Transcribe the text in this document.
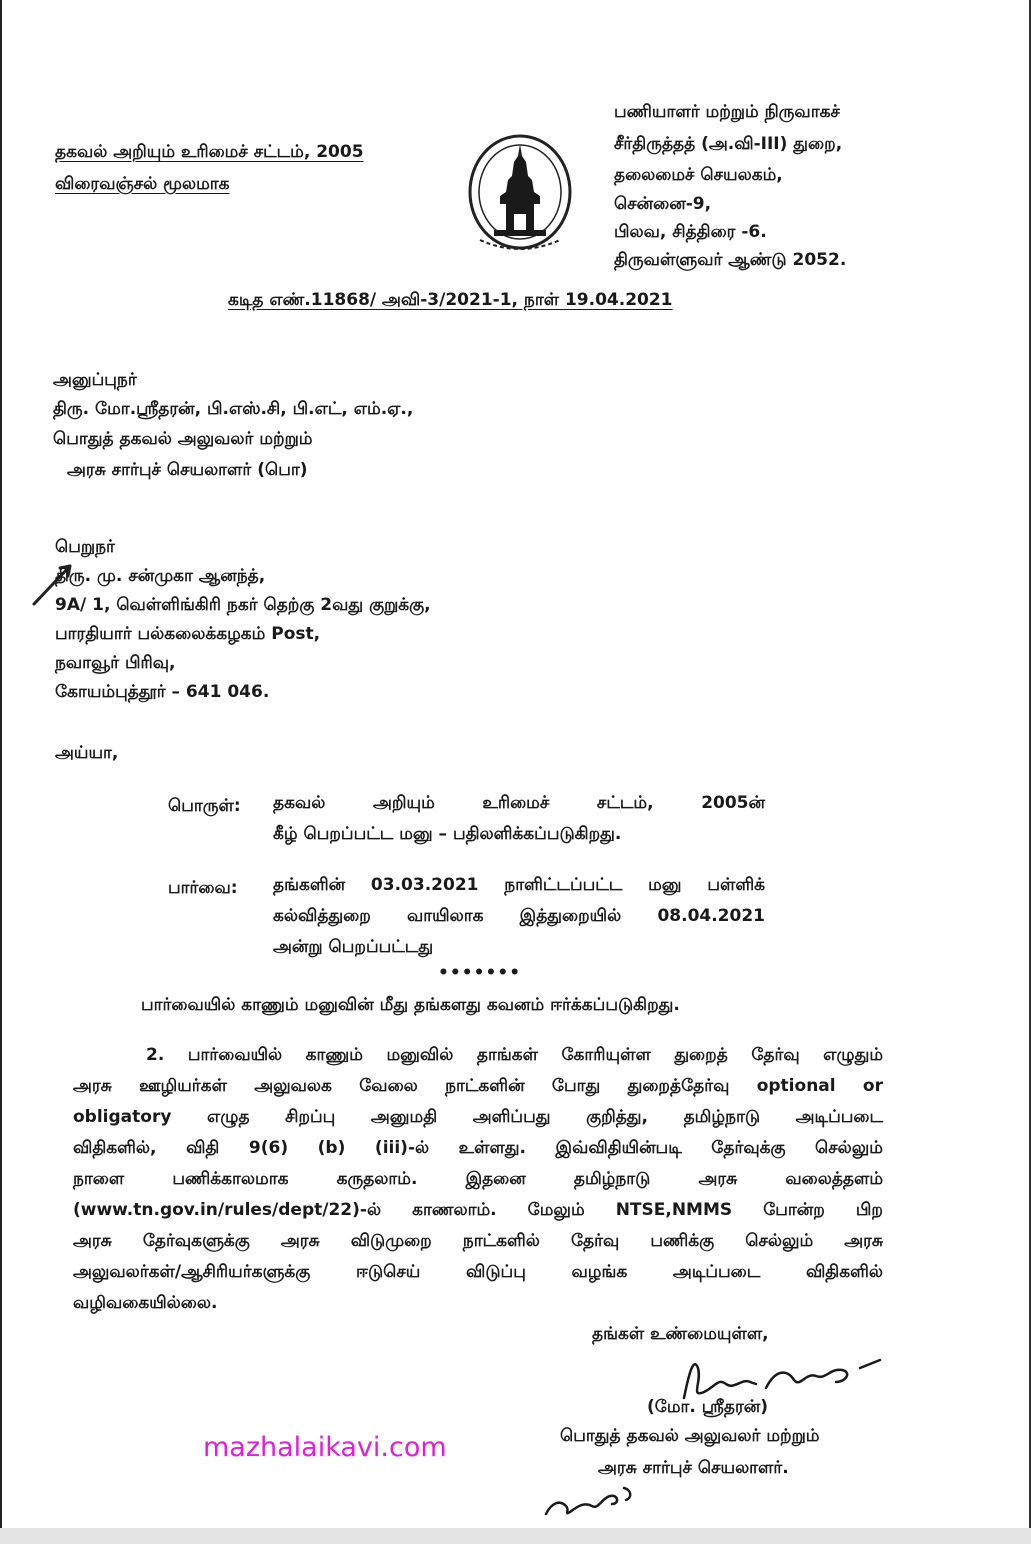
தகவல் அறியும் உரிமைச் சட்டம், 2005
விரைவஞ்சல் மூலமாக
பணியாளர் மற்றும் நிருவாகச்
சீர்திருத்தத் (அ.வி-III) துறை,
தலைமைச் செயலகம்,
சென்னை-9,
பிலவ, சித்திரை -6.
திருவள்ளுவர் ஆண்டு 2052.
கடித எண்.11868/ அவி-3/2021-1, நாள் 19.04.2021
அனுப்புநர்
திரு. மோ.ஸ்ரீதரன், பி.எஸ்.சி, பி.எட், எம்.ஏ.,
பொதுத் தகவல் அலுவலர் மற்றும்
அரசு சார்புச் செயலாளர் (பொ)
பெறுநர்
திரு. மு. சன்முகா ஆனந்த்,
9A/ 1, வெள்ளிங்கிரி நகர் தெற்கு 2வது குறுக்கு,
பாரதியார் பல்கலைக்கழகம் Post,
நவாவூர் பிரிவு,
கோயம்புத்தூர் – 641 046.
அய்யா,
பொருள்: தகவல் அறியும் உரிமைச் சட்டம், 2005ன்
கீழ் பெறப்பட்ட மனு – பதிலளிக்கப்படுகிறது.
பார்வை: தங்களின் 03.03.2021 நாளிட்டப்பட்ட மனு பள்ளிக்
கல்வித்துறை வாயிலாக இத்துறையில் 08.04.2021
அன்று பெறப்பட்டது
•••••••
பார்வையில் காணும் மனுவின் மீது தங்களது கவனம் ஈர்க்கப்படுகிறது.
2. பார்வையில் காணும் மனுவில் தாங்கள் கோரியுள்ள துறைத் தேர்வு எழுதும்
அரசு ஊழியர்கள் அலுவலக வேலை நாட்களின் போது துறைத்தேர்வு optional or
obligatory எழுத சிறப்பு அனுமதி அளிப்பது குறித்து, தமிழ்நாடு அடிப்படை
விதிகளில், விதி 9(6) (b) (iii)-ல் உள்ளது. இவ்விதியின்படி தேர்வுக்கு செல்லும்
நாளை பணிக்காலமாக கருதலாம். இதனை தமிழ்நாடு அரசு வலைத்தளம்
(www.tn.gov.in/rules/dept/22)-ல் காணலாம். மேலும் NTSE,NMMS போன்ற பிற
அரசு தேர்வுகளுக்கு அரசு விடுமுறை நாட்களில் தேர்வு பணிக்கு செல்லும் அரசு
அலுவலர்கள்/ஆசிரியர்களுக்கு ஈடுசெய் விடுப்பு வழங்க அடிப்படை விதிகளில்
வழிவகையில்லை.
தங்கள் உண்மையுள்ள,
(மோ. ஸ்ரீதரன்)
பொதுத் தகவல் அலுவலர் மற்றும்
அரசு சார்புச் செயலாளர்.
mazhalaikavi.com
